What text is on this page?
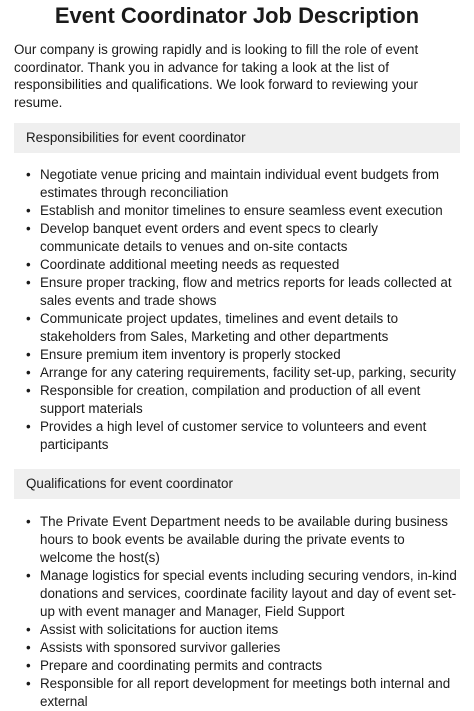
Event Coordinator Job Description

Our company is growing rapidly and is looking to fill the role of event coordinator. Thank you in advance for taking a look at the list of responsibilities and qualifications. We look forward to reviewing your resume.

Responsibilities for event coordinator
• Negotiate venue pricing and maintain individual event budgets from estimates through reconciliation
• Establish and monitor timelines to ensure seamless event execution
• Develop banquet event orders and event specs to clearly communicate details to venues and on-site contacts
• Coordinate additional meeting needs as requested
• Ensure proper tracking, flow and metrics reports for leads collected at sales events and trade shows
• Communicate project updates, timelines and event details to stakeholders from Sales, Marketing and other departments
• Ensure premium item inventory is properly stocked
• Arrange for any catering requirements, facility set-up, parking, security
• Responsible for creation, compilation and production of all event support materials
• Provides a high level of customer service to volunteers and event participants
Qualifications for event coordinator
• The Private Event Department needs to be available during business hours to book events be available during the private events to welcome the host(s)
• Manage logistics for special events including securing vendors, in-kind donations and services, coordinate facility layout and day of event set-up with event manager and Manager, Field Support
• Assist with solicitations for auction items
• Assists with sponsored survivor galleries
• Prepare and coordinating permits and contracts
• Responsible for all report development for meetings both internal and external
